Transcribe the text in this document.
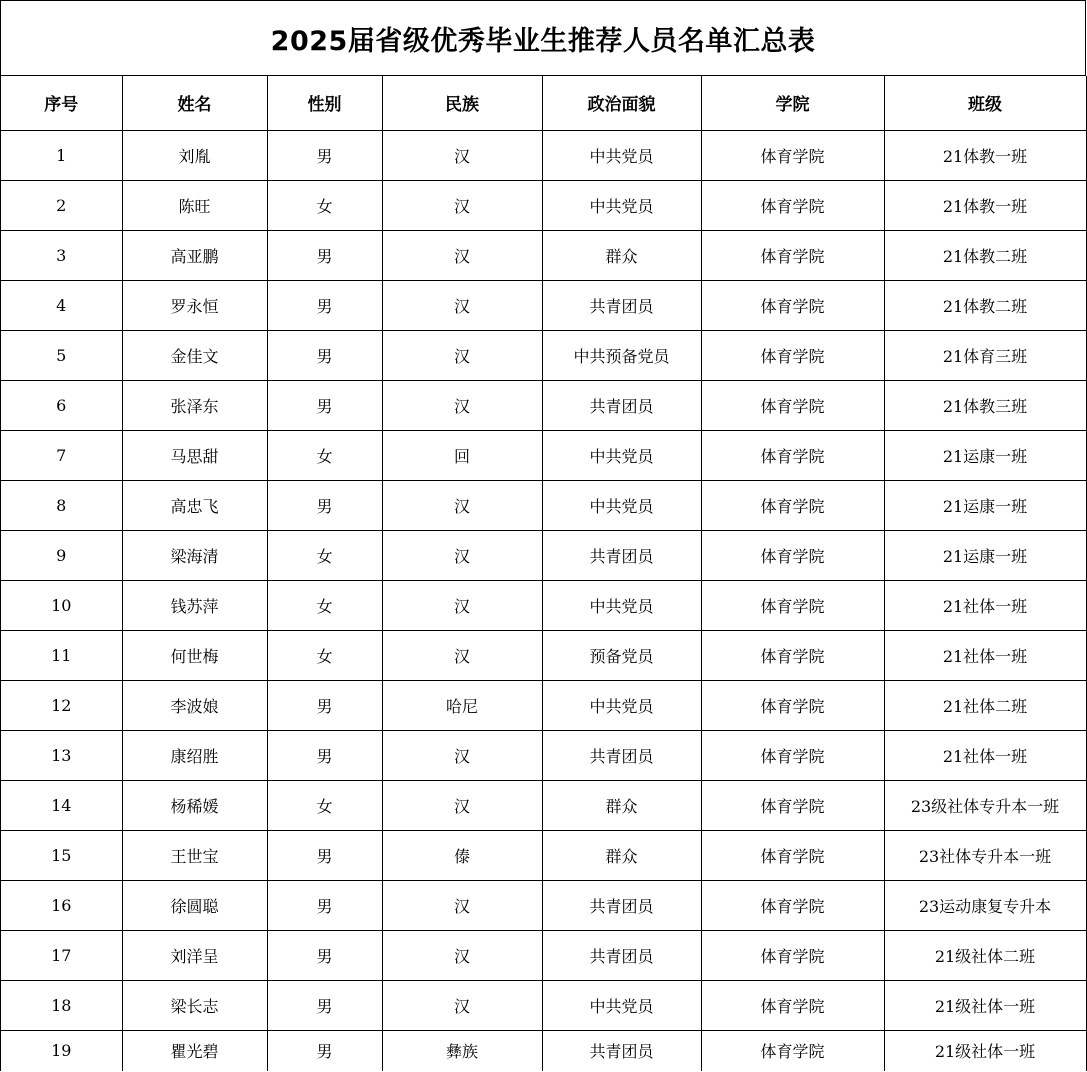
2025届省级优秀毕业生推荐人员名单汇总表
序号	姓名	性别	民族	政治面貌	学院	班级
1	刘胤	男	汉	中共党员	体育学院	21体教一班
2	陈旺	女	汉	中共党员	体育学院	21体教一班
3	高亚鹏	男	汉	群众	体育学院	21体教二班
4	罗永恒	男	汉	共青团员	体育学院	21体教二班
5	金佳文	男	汉	中共预备党员	体育学院	21体育三班
6	张泽东	男	汉	共青团员	体育学院	21体教三班
7	马思甜	女	回	中共党员	体育学院	21运康一班
8	高忠飞	男	汉	中共党员	体育学院	21运康一班
9	梁海清	女	汉	共青团员	体育学院	21运康一班
10	钱苏萍	女	汉	中共党员	体育学院	21社体一班
11	何世梅	女	汉	预备党员	体育学院	21社体一班
12	李波娘	男	哈尼	中共党员	体育学院	21社体二班
13	康绍胜	男	汉	共青团员	体育学院	21社体一班
14	杨稀媛	女	汉	群众	体育学院	23级社体专升本一班
15	王世宝	男	傣	群众	体育学院	23社体专升本一班
16	徐圆聪	男	汉	共青团员	体育学院	23运动康复专升本
17	刘洋呈	男	汉	共青团员	体育学院	21级社体二班
18	梁长志	男	汉	中共党员	体育学院	21级社体一班
19	瞿光碧	男	彝族	共青团员	体育学院	21级社体一班
